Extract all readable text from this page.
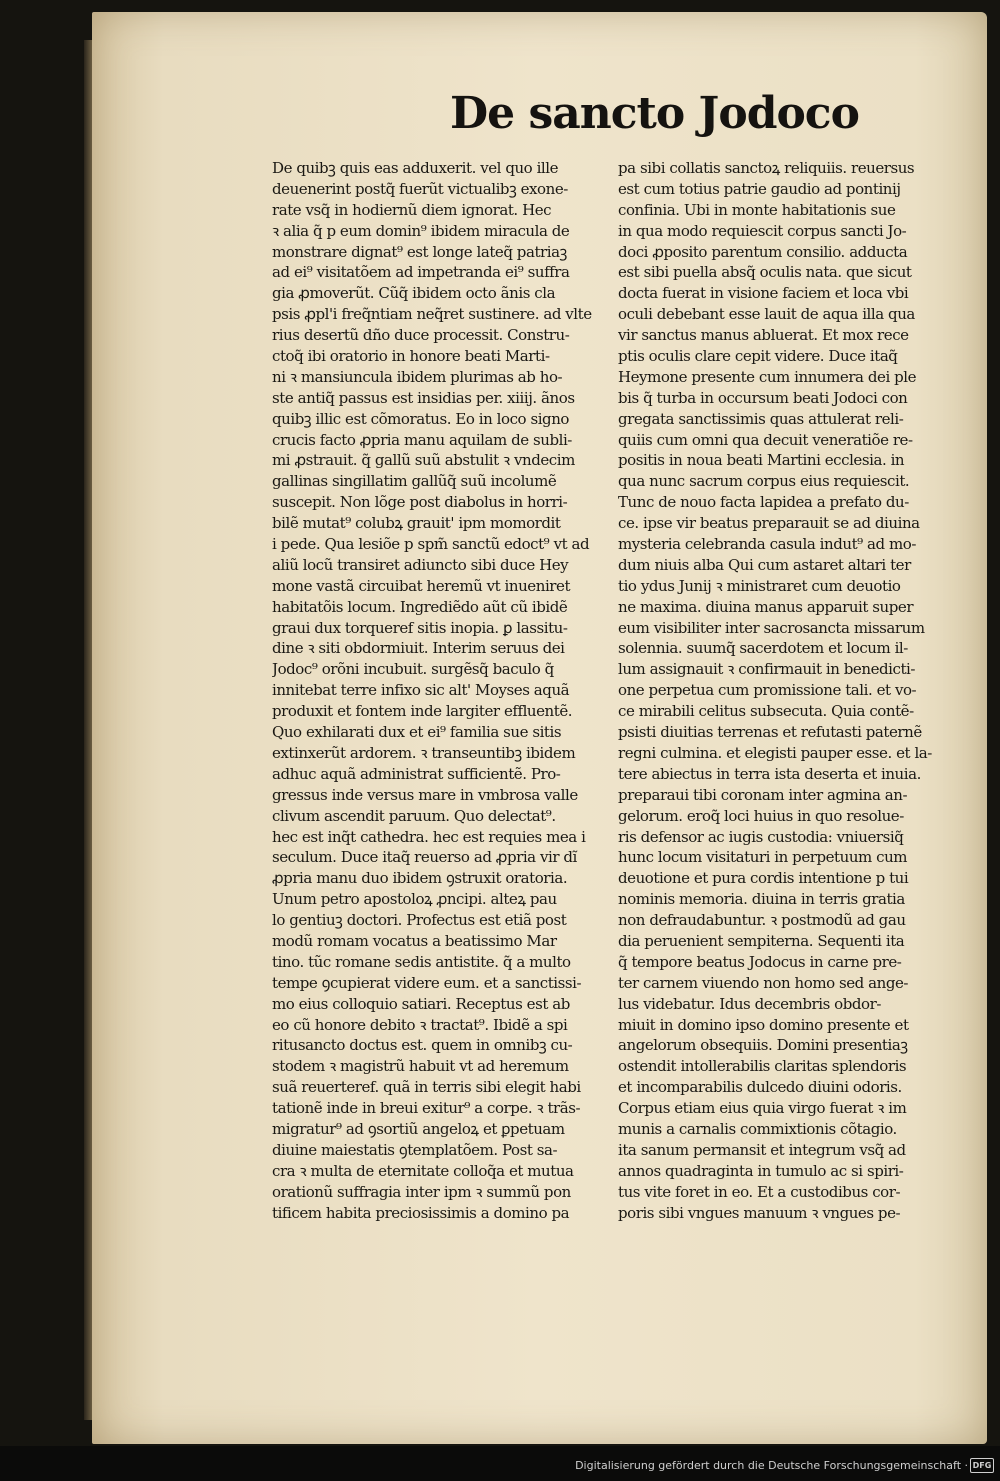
De sancto Jodoco
De quibꝫ quis eas adduxerit. vel quo ille
deuenerint postq̃ fuerũt victualibꝫ exone-
rate vsq̃ in hodiernũ diem ignorat. Hec
ꝛ alia q̃ p eum domin⁹ ibidem miracula de
monstrare dignat⁹ est longe lateq̃ patriaꝫ
ad ei⁹ visitatõem ad impetranda ei⁹ suffra
gia ꝓmoverũt. Cũq̃ ibidem octo ãnis cla
psis ꝓpl'i freq̃ntiam neq̃ret sustinere. ad vlte
rius desertũ dño duce processit. Constru-
ctoq̃ ibi oratorio in honore beati Marti-
ni ꝛ mansiuncula ibidem plurimas ab ho-
ste antiq̃ passus est insidias per. xiiij. ãnos
quibꝫ illic est cõmoratus. Eo in loco signo
crucis facto ꝓpria manu aquilam de subli-
mi ꝓstrauit. q̃ gallũ suũ abstulit ꝛ vndecim
gallinas singillatim gallũq̃ suũ incolumẽ
suscepit. Non lõge post diabolus in horri-
bilẽ mutat⁹ colubꝝ grauit' ipm momordit
i pede. Qua lesiõe p spm̃ sanctũ edoct⁹ vt ad
aliũ locũ transiret adiuncto sibi duce Hey
mone vastã circuibat heremũ vt inueniret
habitatõis locum. Ingrediẽdo aũt cũ ibidẽ
graui dux torqueref sitis inopia. ꝑ lassitu-
dine ꝛ siti obdormiuit. Interim seruus dei
Jodoc⁹ orõni incubuit. surgẽsq̃ baculo q̃
innitebat terre infixo sic alt' Moyses aquã
produxit et fontem inde largiter effluentẽ.
Quo exhilarati dux et ei⁹ familia sue sitis
extinxerũt ardorem. ꝛ transeuntibꝫ ibidem
adhuc aquã administrat sufficientẽ. Pro-
gressus inde versus mare in vmbrosa valle
clivum ascendit paruum. Quo delectat⁹.
hec est inq̃t cathedra. hec est requies mea i
seculum. Duce itaq̃ reuerso ad ꝓpria vir dĩ
ꝓpria manu duo ibidem ꝯstruxit oratoria.
Unum petro apostoloꝝ ꝓncipi. alteꝝ pau
lo gentiuꝫ doctori. Profectus est etiã post
modũ romam vocatus a beatissimo Mar
tino. tũc romane sedis antistite. q̃ a multo
tempe ꝯcupierat videre eum. et a sanctissi-
mo eius colloquio satiari. Receptus est ab
eo cũ honore debito ꝛ tractat⁹. Ibidẽ a spi
ritusancto doctus est. quem in omnibꝫ cu-
stodem ꝛ magistrũ habuit vt ad heremum
suã reuerteref. quã in terris sibi elegit habi
tationẽ inde in breui exitur⁹ a corpe. ꝛ trãs-
migratur⁹ ad ꝯsortiũ angeloꝝ et ꝑpetuam
diuine maiestatis ꝯtemplatõem. Post sa-
cra ꝛ multa de eternitate colloq̃a et mutua
orationũ suffragia inter ipm ꝛ summũ pon
tificem habita preciosissimis a domino pa
pa sibi collatis sanctoꝝ reliquiis. reuersus
est cum totius patrie gaudio ad pontinij
confinia. Ubi in monte habitationis sue
in qua modo requiescit corpus sancti Jo-
doci ꝓposito parentum consilio. adducta
est sibi puella absq̃ oculis nata. que sicut
docta fuerat in visione faciem et loca vbi
oculi debebant esse lauit de aqua illa qua
vir sanctus manus abluerat. Et mox rece
ptis oculis clare cepit videre. Duce itaq̃
Heymone presente cum innumera dei ple
bis q̃ turba in occursum beati Jodoci con
gregata sanctissimis quas attulerat reli-
quiis cum omni qua decuit veneratiõe re-
positis in noua beati Martini ecclesia. in
qua nunc sacrum corpus eius requiescit.
Tunc de nouo facta lapidea a prefato du-
ce. ipse vir beatus preparauit se ad diuina
mysteria celebranda casula indut⁹ ad mo-
dum niuis alba Qui cum astaret altari ter
tio ydus Junij ꝛ ministraret cum deuotio
ne maxima. diuina manus apparuit super
eum visibiliter inter sacrosancta missarum
solennia. suumq̃ sacerdotem et locum il-
lum assignauit ꝛ confirmauit in benedicti-
one perpetua cum promissione tali. et vo-
ce mirabili celitus subsecuta. Quia contẽ-
psisti diuitias terrenas et refutasti paternẽ
regni culmina. et elegisti pauper esse. et la-
tere abiectus in terra ista deserta et inuia.
preparaui tibi coronam inter agmina an-
gelorum. eroq̃ loci huius in quo resolue-
ris defensor ac iugis custodia: vniuersiq̃
hunc locum visitaturi in perpetuum cum
deuotione et pura cordis intentione p tui
nominis memoria. diuina in terris gratia
non defraudabuntur. ꝛ postmodũ ad gau
dia peruenient sempiterna. Sequenti ita
q̃ tempore beatus Jodocus in carne pre-
ter carnem viuendo non homo sed ange-
lus videbatur. Idus decembris obdor-
miuit in domino ipso domino presente et
angelorum obsequiis. Domini presentiaꝫ
ostendit intollerabilis claritas splendoris
et incomparabilis dulcedo diuini odoris.
Corpus etiam eius quia virgo fuerat ꝛ im
munis a carnalis commixtionis cõtagio.
ita sanum permansit et integrum vsq̃ ad
annos quadraginta in tumulo ac si spiri-
tus vite foret in eo. Et a custodibus cor-
poris sibi vngues manuum ꝛ vngues pe-
Digitalisierung gefördert durch die Deutsche Forschungsgemeinschaft · DFG
